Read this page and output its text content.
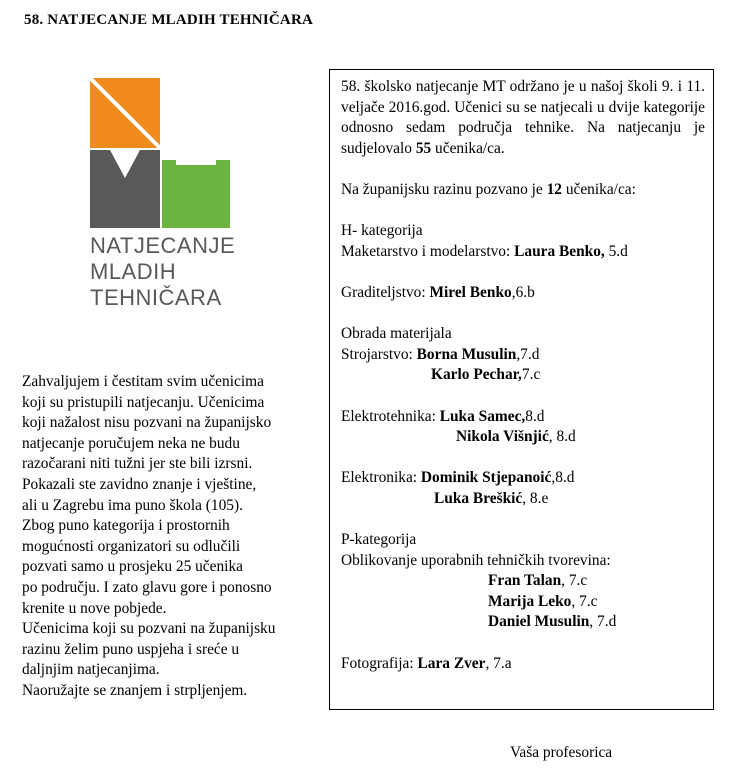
58. NATJECANJE MLADIH TEHNIČARA
NATJECANJE
MLADIH
TEHNIČARA
Zahvaljujem i čestitam svim učenicima
koji su pristupili natjecanju. Učenicima
koji nažalost nisu pozvani na županijsko
natjecanje poručujem neka ne budu
razočarani niti tužni jer ste bili izrsni.
Pokazali ste zavidno znanje i vještine,
ali u Zagrebu ima puno škola (105).
Zbog puno kategorija i prostornih
mogućnosti organizatori su odlučili
pozvati samo u prosjeku 25 učenika
po području. I zato glavu gore i ponosno
krenite u nove pobjede.
Učenicima koji su pozvani na županijsku
razinu želim puno uspjeha i sreće u
daljnjim natjecanjima.
Naoružajte se znanjem i strpljenjem.
58. školsko natjecanje MT održano je u našoj školi 9. i 11. veljače 2016.god. Učenici su se natjecali u dvije kategorije odnosno sedam područja tehnike. Na natjecanju je sudjelovalo 55 učenika/ca.
Na županijsku razinu pozvano je 12 učenika/ca:
H- kategorija
Maketarstvo i modelarstvo: Laura Benko, 5.d
Graditeljstvo: Mirel Benko,6.b
Obrada materijala
Strojarstvo: Borna Musulin,7.d
Karlo Pechar,7.c
Elektrotehnika: Luka Samec,8.d
Nikola Višnjić, 8.d
Elektronika: Dominik Stjepanoić,8.d
Luka Breškić, 8.e
P-kategorija
Oblikovanje uporabnih tehničkih tvorevina:
Fran Talan, 7.c
Marija Leko, 7.c
Daniel Musulin, 7.d
Fotografija: Lara Zver, 7.a
Vaša profesorica
